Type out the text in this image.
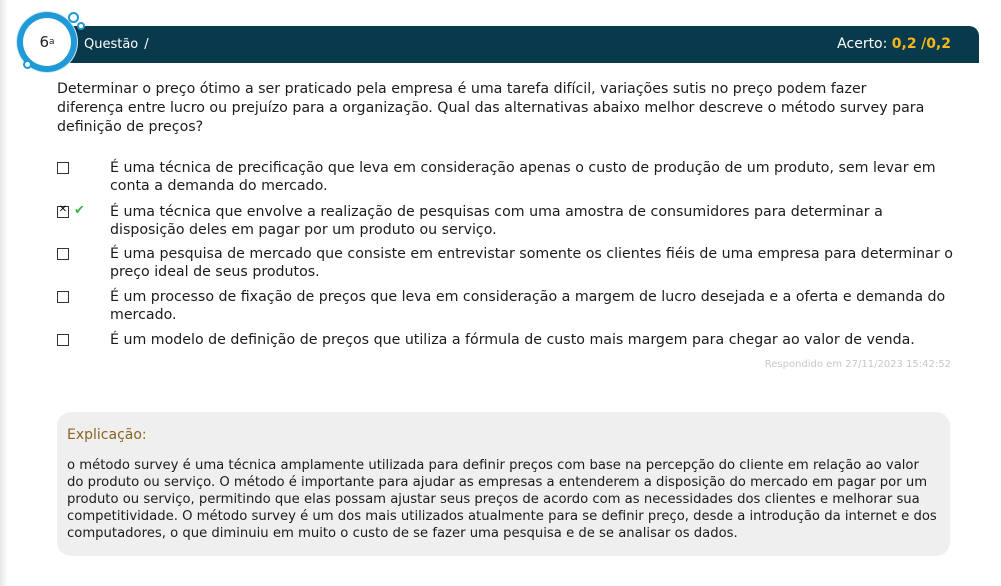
Questão /	Acerto: 0,2 /0,2
6 a
Determinar o preço ótimo a ser praticado pela empresa é uma tarefa difícil, variações sutis no preço podem fazer diferença entre lucro ou prejuízo para a organização. Qual das alternativas abaixo melhor descreve o método survey para definição de preços?
É uma técnica de precificação que leva em consideração apenas o custo de produção de um produto, sem levar em conta a demanda do mercado.
✕
✔ É uma técnica que envolve a realização de pesquisas com uma amostra de consumidores para determinar a disposição deles em pagar por um produto ou serviço.
É uma pesquisa de mercado que consiste em entrevistar somente os clientes fiéis de uma empresa para determinar o preço ideal de seus produtos.
É um processo de fixação de preços que leva em consideração a margem de lucro desejada e a oferta e demanda do mercado.
É um modelo de definição de preços que utiliza a fórmula de custo mais margem para chegar ao valor de venda.
Respondido em 27/11/2023 15:42:52
Explicação:
o método survey é uma técnica amplamente utilizada para definir preços com base na percepção do cliente em relação ao valor do produto ou serviço. O método é importante para ajudar as empresas a entenderem a disposição do mercado em pagar por um produto ou serviço, permitindo que elas possam ajustar seus preços de acordo com as necessidades dos clientes e melhorar sua competitividade. O método survey é um dos mais utilizados atualmente para se definir preço, desde a introdução da internet e dos computadores, o que diminuiu em muito o custo de se fazer uma pesquisa e de se analisar os dados.
